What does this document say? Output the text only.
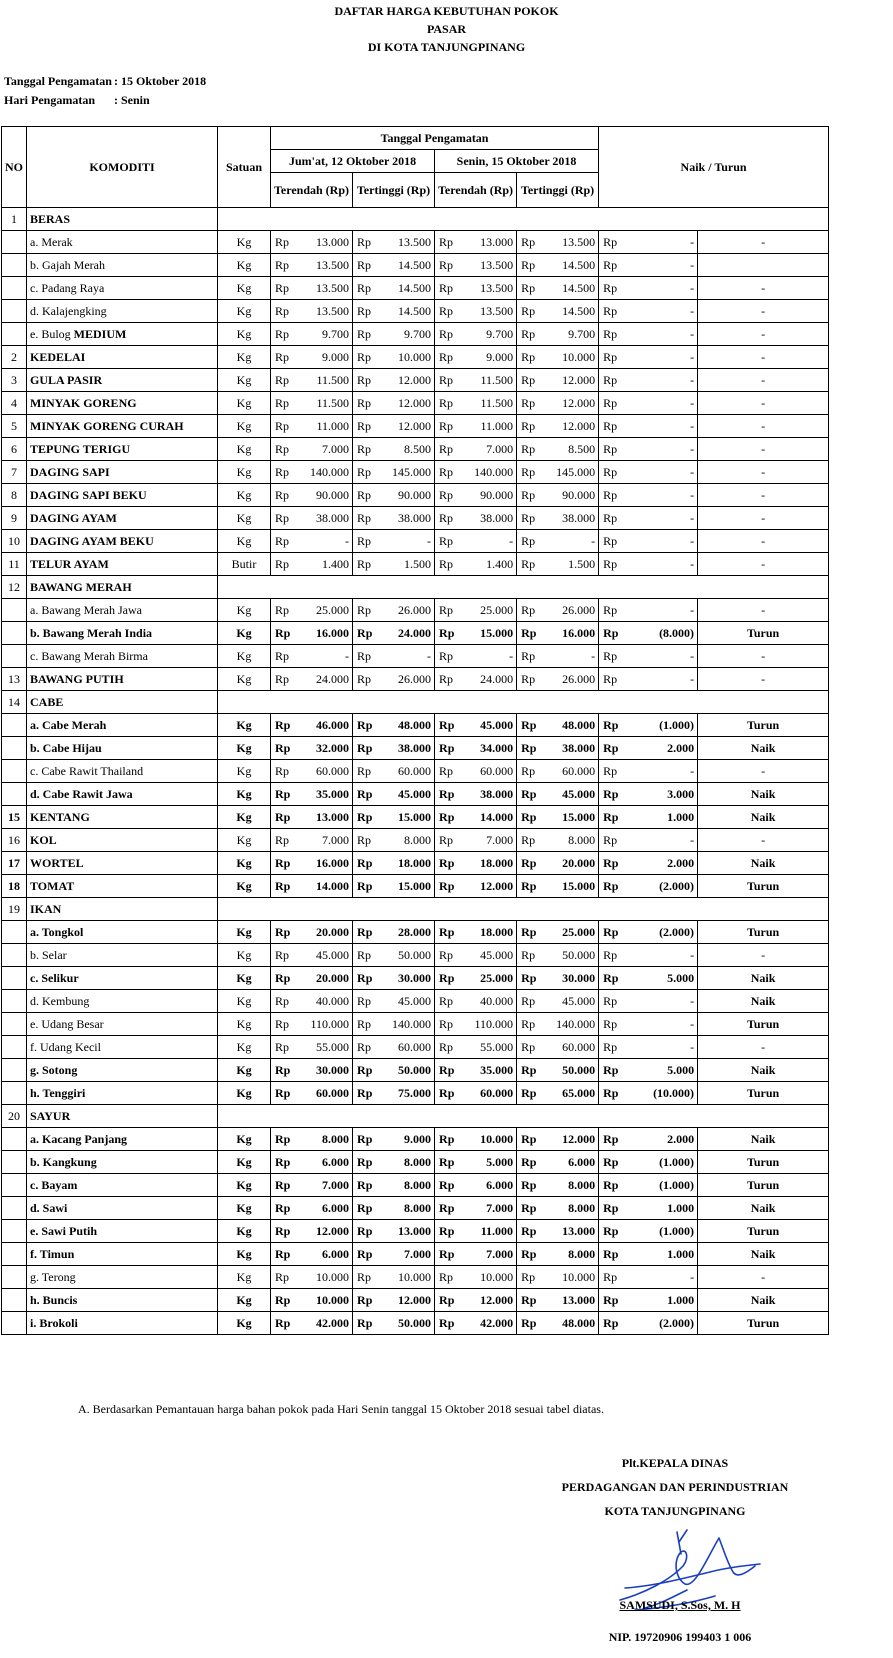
DAFTAR HARGA KEBUTUHAN POKOK
PASAR
DI KOTA TANJUNGPINANG
Tanggal Pengamatan : 15 Oktober 2018
Hari Pengamatan : Senin
NO	KOMODITI	Satuan	Tanggal Pengamatan								Naik / Turun		
			Jum'at, 12 Oktober 2018				Senin, 15 Oktober 2018						
			Terendah (Rp)		Tertinggi (Rp)		Terendah (Rp)		Tertinggi (Rp)				
1	BERAS												
	a. Merak	Kg	Rp	13.000	Rp	13.500	Rp	13.000	Rp	13.500	Rp	-	-
	b. Gajah Merah	Kg	Rp	13.500	Rp	14.500	Rp	13.500	Rp	14.500	Rp	-	
	c. Padang Raya	Kg	Rp	13.500	Rp	14.500	Rp	13.500	Rp	14.500	Rp	-	-
	d. Kalajengking	Kg	Rp	13.500	Rp	14.500	Rp	13.500	Rp	14.500	Rp	-	-
	e. Bulog MEDIUM	Kg	Rp	9.700	Rp	9.700	Rp	9.700	Rp	9.700	Rp	-	-
2	KEDELAI	Kg	Rp	9.000	Rp	10.000	Rp	9.000	Rp	10.000	Rp	-	-
3	GULA PASIR	Kg	Rp	11.500	Rp	12.000	Rp	11.500	Rp	12.000	Rp	-	-
4	MINYAK GORENG	Kg	Rp	11.500	Rp	12.000	Rp	11.500	Rp	12.000	Rp	-	-
5	MINYAK GORENG CURAH	Kg	Rp	11.000	Rp	12.000	Rp	11.000	Rp	12.000	Rp	-	-
6	TEPUNG TERIGU	Kg	Rp	7.000	Rp	8.500	Rp	7.000	Rp	8.500	Rp	-	-
7	DAGING SAPI	Kg	Rp	140.000	Rp	145.000	Rp	140.000	Rp	145.000	Rp	-	-
8	DAGING SAPI BEKU	Kg	Rp	90.000	Rp	90.000	Rp	90.000	Rp	90.000	Rp	-	-
9	DAGING AYAM	Kg	Rp	38.000	Rp	38.000	Rp	38.000	Rp	38.000	Rp	-	-
10	DAGING AYAM BEKU	Kg	Rp	-	Rp	-	Rp	-	Rp	-	Rp	-	-
11	TELUR AYAM	Butir	Rp	1.400	Rp	1.500	Rp	1.400	Rp	1.500	Rp	-	-
12	BAWANG MERAH												
	a. Bawang Merah Jawa	Kg	Rp	25.000	Rp	26.000	Rp	25.000	Rp	26.000	Rp	-	-
	b. Bawang Merah India	Kg	Rp	16.000	Rp	24.000	Rp	15.000	Rp	16.000	Rp	(8.000)	Turun
	c. Bawang Merah Birma	Kg	Rp	-	Rp	-	Rp	-	Rp	-	Rp	-	-
13	BAWANG PUTIH	Kg	Rp	24.000	Rp	26.000	Rp	24.000	Rp	26.000	Rp	-	-
14	CABE												
	a. Cabe Merah	Kg	Rp	46.000	Rp	48.000	Rp	45.000	Rp	48.000	Rp	(1.000)	Turun
	b. Cabe Hijau	Kg	Rp	32.000	Rp	38.000	Rp	34.000	Rp	38.000	Rp	2.000	Naik
	c. Cabe Rawit Thailand	Kg	Rp	60.000	Rp	60.000	Rp	60.000	Rp	60.000	Rp	-	-
	d. Cabe Rawit Jawa	Kg	Rp	35.000	Rp	45.000	Rp	38.000	Rp	45.000	Rp	3.000	Naik
15	KENTANG	Kg	Rp	13.000	Rp	15.000	Rp	14.000	Rp	15.000	Rp	1.000	Naik
16	KOL	Kg	Rp	7.000	Rp	8.000	Rp	7.000	Rp	8.000	Rp	-	-
17	WORTEL	Kg	Rp	16.000	Rp	18.000	Rp	18.000	Rp	20.000	Rp	2.000	Naik
18	TOMAT	Kg	Rp	14.000	Rp	15.000	Rp	12.000	Rp	15.000	Rp	(2.000)	Turun
19	IKAN												
	a. Tongkol	Kg	Rp	20.000	Rp	28.000	Rp	18.000	Rp	25.000	Rp	(2.000)	Turun
	b. Selar	Kg	Rp	45.000	Rp	50.000	Rp	45.000	Rp	50.000	Rp	-	-
	c. Selikur	Kg	Rp	20.000	Rp	30.000	Rp	25.000	Rp	30.000	Rp	5.000	Naik
	d. Kembung	Kg	Rp	40.000	Rp	45.000	Rp	40.000	Rp	45.000	Rp	-	Naik
	e. Udang Besar	Kg	Rp	110.000	Rp	140.000	Rp	110.000	Rp	140.000	Rp	-	Turun
	f. Udang Kecil	Kg	Rp	55.000	Rp	60.000	Rp	55.000	Rp	60.000	Rp	-	-
	g. Sotong	Kg	Rp	30.000	Rp	50.000	Rp	35.000	Rp	50.000	Rp	5.000	Naik
	h. Tenggiri	Kg	Rp	60.000	Rp	75.000	Rp	60.000	Rp	65.000	Rp	(10.000)	Turun
20	SAYUR												
	a. Kacang Panjang	Kg	Rp	8.000	Rp	9.000	Rp	10.000	Rp	12.000	Rp	2.000	Naik
	b. Kangkung	Kg	Rp	6.000	Rp	8.000	Rp	5.000	Rp	6.000	Rp	(1.000)	Turun
	c. Bayam	Kg	Rp	7.000	Rp	8.000	Rp	6.000	Rp	8.000	Rp	(1.000)	Turun
	d. Sawi	Kg	Rp	6.000	Rp	8.000	Rp	7.000	Rp	8.000	Rp	1.000	Naik
	e. Sawi Putih	Kg	Rp	12.000	Rp	13.000	Rp	11.000	Rp	13.000	Rp	(1.000)	Turun
	f. Timun	Kg	Rp	6.000	Rp	7.000	Rp	7.000	Rp	8.000	Rp	1.000	Naik
	g. Terong	Kg	Rp	10.000	Rp	10.000	Rp	10.000	Rp	10.000	Rp	-	-
	h. Buncis	Kg	Rp	10.000	Rp	12.000	Rp	12.000	Rp	13.000	Rp	1.000	Naik
	i. Brokoli	Kg	Rp	42.000	Rp	50.000	Rp	42.000	Rp	48.000	Rp	(2.000)	Turun
A. Berdasarkan Pemantauan harga bahan pokok pada Hari Senin tanggal 15 Oktober 2018 sesuai tabel diatas.
Plt.KEPALA DINAS
PERDAGANGAN DAN PERINDUSTRIAN
KOTA TANJUNGPINANG
SAMSUDI, S.Sos, M. H
NIP. 19720906 199403 1 006
